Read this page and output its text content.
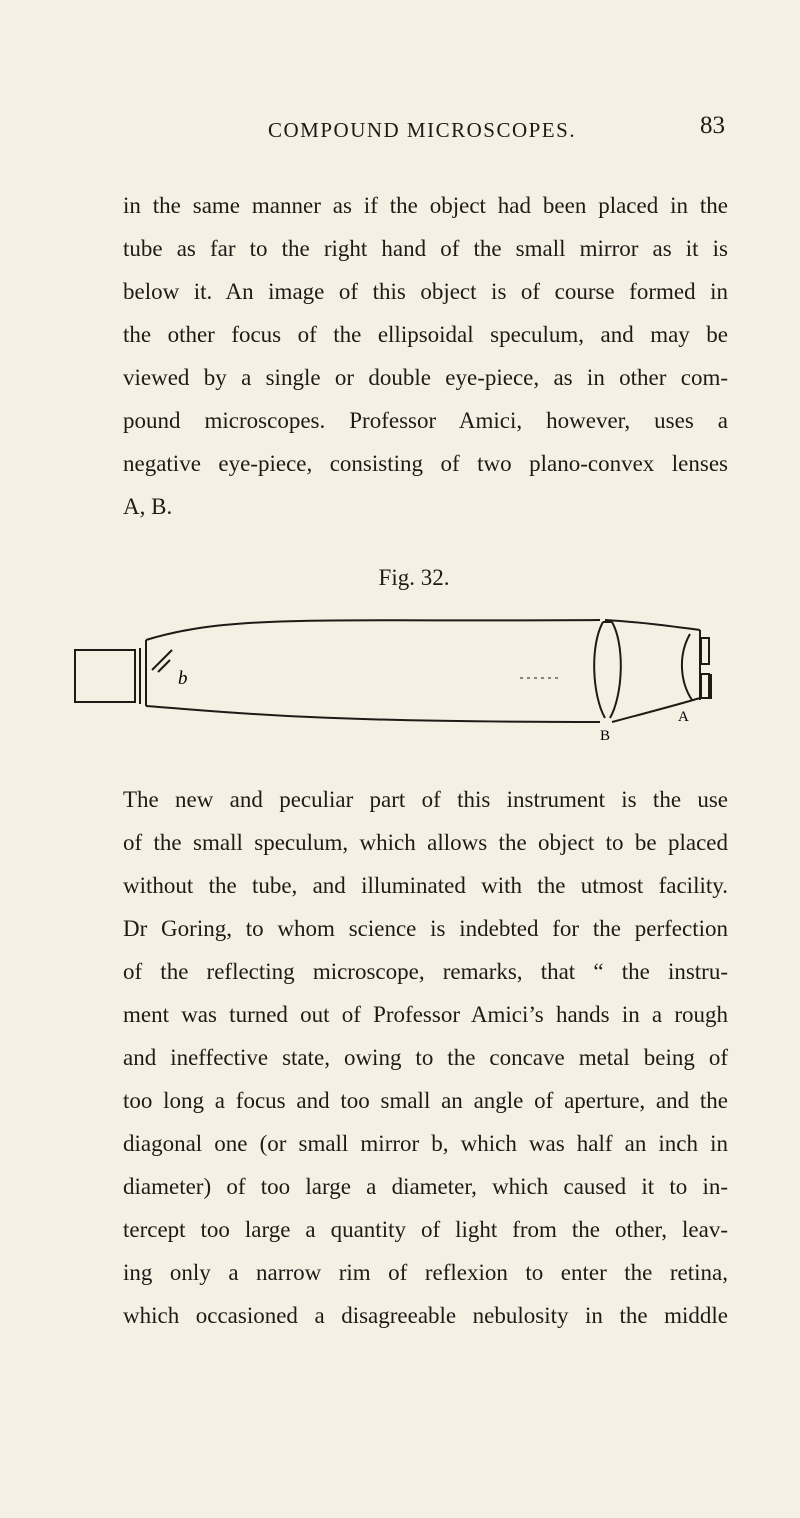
COMPOUND MICROSCOPES.	83
in the same manner as if the object had been placed in the
tube as far to the right hand of the small mirror as it is
below it. An image of this object is of course formed in
the other focus of the ellipsoidal speculum, and may be
viewed by a single or double eye-piece, as in other com-
pound microscopes. Professor Amici, however, uses a
negative eye-piece, consisting of two plano-convex lenses
A, B.
Fig. 32.
b
B
A
The new and peculiar part of this instrument is the use
of the small speculum, which allows the object to be placed
without the tube, and illuminated with the utmost facility.
Dr Goring, to whom science is indebted for the perfection
of the reflecting microscope, remarks, that “ the instru-
ment was turned out of Professor Amici’s hands in a rough
and ineffective state, owing to the concave metal being of
too long a focus and too small an angle of aperture, and the
diagonal one (or small mirror b, which was half an inch in
diameter) of too large a diameter, which caused it to in-
tercept too large a quantity of light from the other, leav-
ing only a narrow rim of reflexion to enter the retina,
which occasioned a disagreeable nebulosity in the middle
